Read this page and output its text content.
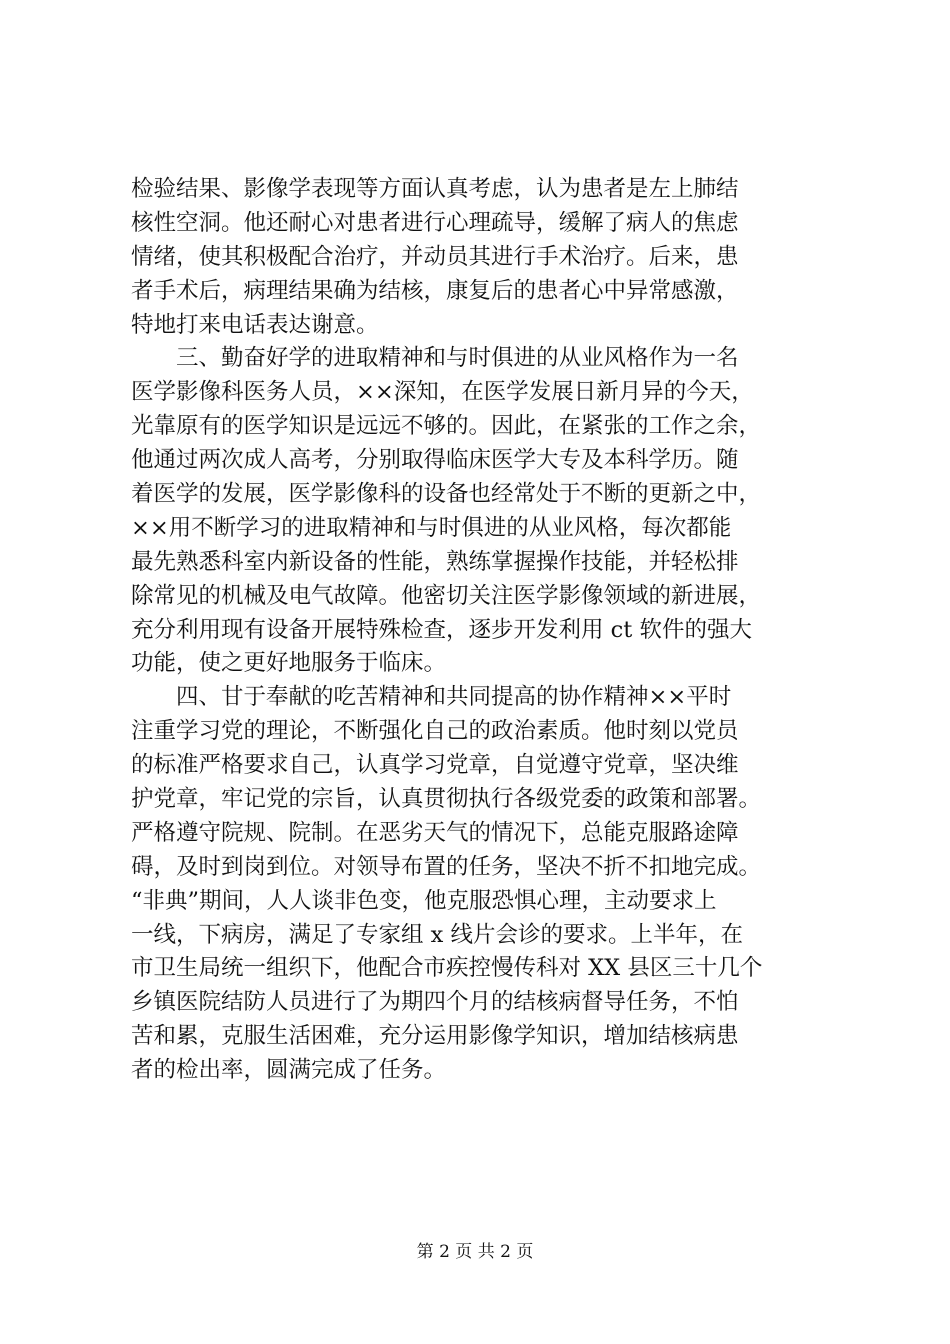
检验结果、影像学表现等方面认真考虑，认为患者是左上肺结
核性空洞。他还耐心对患者进行心理疏导，缓解了病人的焦虑
情绪，使其积极配合治疗，并动员其进行手术治疗。后来，患
者手术后，病理结果确为结核，康复后的患者心中异常感激，
特地打来电话表达谢意。
　　三、勤奋好学的进取精神和与时俱进的从业风格作为一名
医学影像科医务人员，××深知，在医学发展日新月异的今天，
光靠原有的医学知识是远远不够的。因此，在紧张的工作之余，
他通过两次成人高考，分别取得临床医学大专及本科学历。随
着医学的发展，医学影像科的设备也经常处于不断的更新之中，
××用不断学习的进取精神和与时俱进的从业风格，每次都能
最先熟悉科室内新设备的性能，熟练掌握操作技能，并轻松排
除常见的机械及电气故障。他密切关注医学影像领域的新进展，
充分利用现有设备开展特殊检查，逐步开发利用 ct 软件的强大
功能，使之更好地服务于临床。
　　四、甘于奉献的吃苦精神和共同提高的协作精神××平时
注重学习党的理论，不断强化自己的政治素质。他时刻以党员
的标准严格要求自己，认真学习党章，自觉遵守党章，坚决维
护党章，牢记党的宗旨，认真贯彻执行各级党委的政策和部署。
严格遵守院规、院制。在恶劣天气的情况下，总能克服路途障
碍，及时到岗到位。对领导布置的任务，坚决不折不扣地完成。
“非典”期间，人人谈非色变，他克服恐惧心理，主动要求上
一线，下病房，满足了专家组 x 线片会诊的要求。上半年，在
市卫生局统一组织下，他配合市疾控慢传科对 XX 县区三十几个
乡镇医院结防人员进行了为期四个月的结核病督导任务，不怕
苦和累，克服生活困难，充分运用影像学知识，增加结核病患
者的检出率，圆满完成了任务。
第 2 页 共 2 页
